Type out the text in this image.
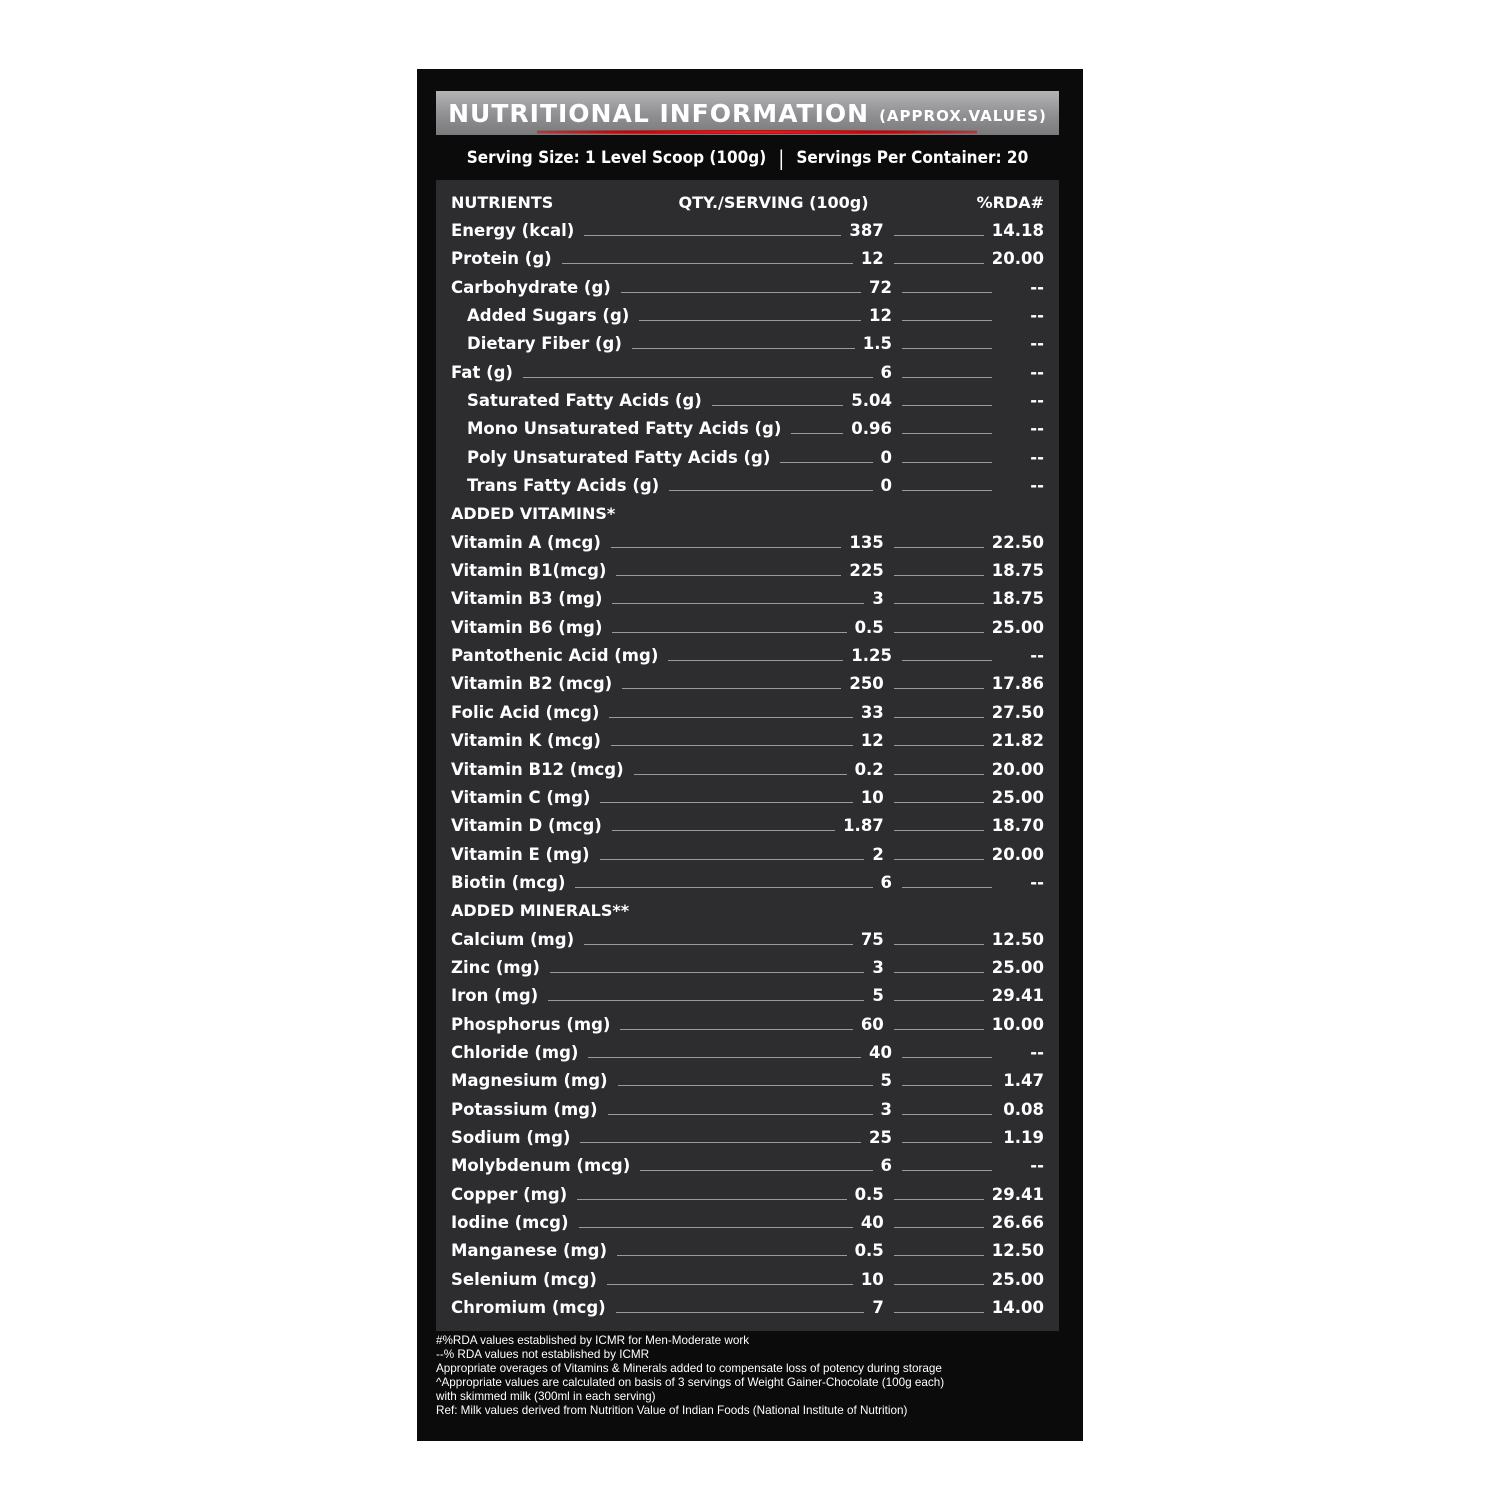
NUTRITIONAL INFORMATION (APPROX.VALUES)
Serving Size: 1 Level Scoop (100g) | Servings Per Container: 20
NUTRIENTS	QTY./SERVING (100g)	%RDA#
Energy (kcal)	387	14.18
Protein (g)	12	20.00
Carbohydrate (g)	72	--
Added Sugars (g)	12	--
Dietary Fiber (g)	1.5	--
Fat (g)	6	--
Saturated Fatty Acids (g)	5.04	--
Mono Unsaturated Fatty Acids (g)	0.96	--
Poly Unsaturated Fatty Acids (g)	0	--
Trans Fatty Acids (g)	0	--
ADDED VITAMINS*
Vitamin A (mcg)	135	22.50
Vitamin B1(mcg)	225	18.75
Vitamin B3 (mg)	3	18.75
Vitamin B6 (mg)	0.5	25.00
Pantothenic Acid (mg)	1.25	--
Vitamin B2 (mcg)	250	17.86
Folic Acid (mcg)	33	27.50
Vitamin K (mcg)	12	21.82
Vitamin B12 (mcg)	0.2	20.00
Vitamin C (mg)	10	25.00
Vitamin D (mcg)	1.87	18.70
Vitamin E (mg)	2	20.00
Biotin (mcg)	6	--
ADDED MINERALS**
Calcium (mg)	75	12.50
Zinc (mg)	3	25.00
Iron (mg)	5	29.41
Phosphorus (mg)	60	10.00
Chloride (mg)	40	--
Magnesium (mg)	5	1.47
Potassium (mg)	3	0.08
Sodium (mg)	25	1.19
Molybdenum (mcg)	6	--
Copper (mg)	0.5	29.41
Iodine (mcg)	40	26.66
Manganese (mg)	0.5	12.50
Selenium (mcg)	10	25.00
Chromium (mcg)	7	14.00
#%RDA values established by ICMR for Men-Moderate work
--% RDA values not established by ICMR
Appropriate overages of Vitamins & Minerals added to compensate loss of potency during storage
^Appropriate values are calculated on basis of 3 servings of Weight Gainer-Chocolate (100g each)
with skimmed milk (300ml in each serving)
Ref: Milk values derived from Nutrition Value of Indian Foods (National Institute of Nutrition)
